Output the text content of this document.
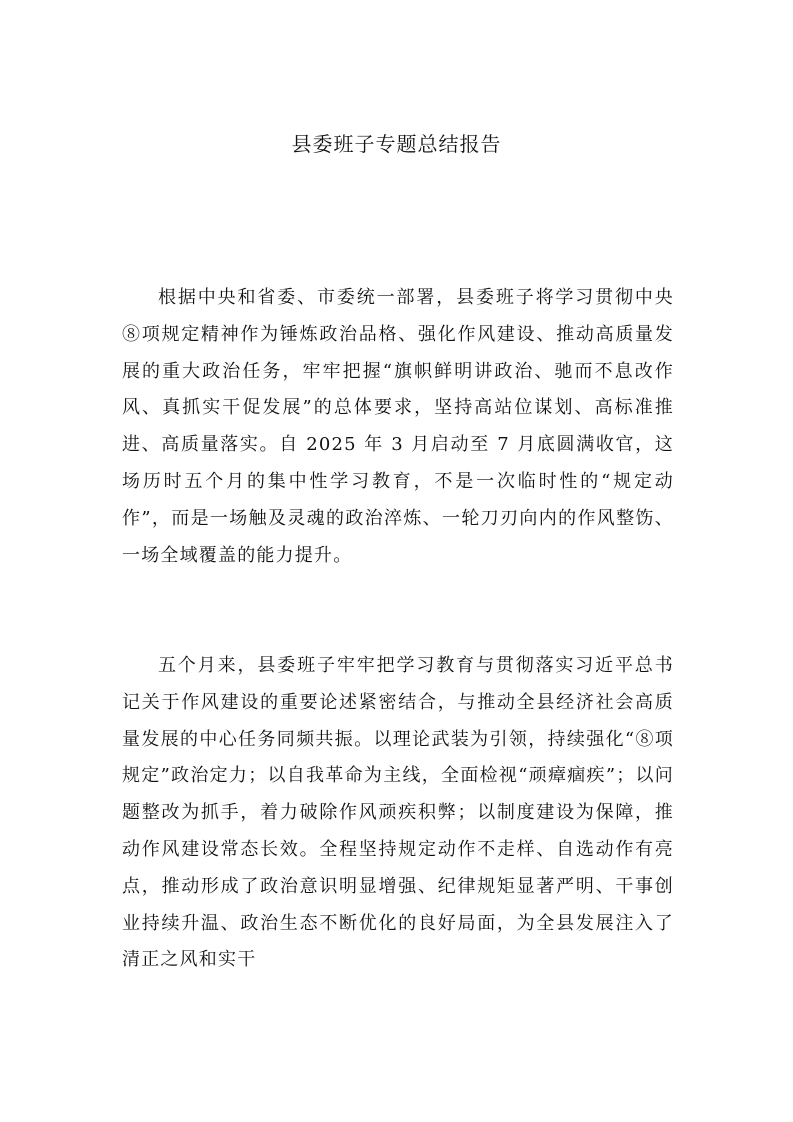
县委班子专题总结报告

根据中央和省委、市委统一部署，县委班子将学习贯彻中央⑧项规定精神作为锤炼政治品格、强化作风建设、推动高质量发展的重大政治任务，牢牢把握“旗帜鲜明讲政治、驰而不息改作风、真抓实干促发展”的总体要求，坚持高站位谋划、高标准推进、高质量落实。自 2025 年 3 月启动至 7 月底圆满收官，这场历时五个月的集中性学习教育，不是一次临时性的“规定动作”，而是一场触及灵魂的政治淬炼、一轮刀刃向内的作风整饬、一场全域覆盖的能力提升。

五个月来，县委班子牢牢把学习教育与贯彻落实习近平总书记关于作风建设的重要论述紧密结合，与推动全县经济社会高质量发展的中心任务同频共振。以理论武装为引领，持续强化“⑧项规定”政治定力；以自我革命为主线，全面检视“顽瘴痼疾”；以问题整改为抓手，着力破除作风顽疾积弊；以制度建设为保障，推动作风建设常态长效。全程坚持规定动作不走样、自选动作有亮点，推动形成了政治意识明显增强、纪律规矩显著严明、干事创业持续升温、政治生态不断优化的良好局面，为全县发展注入了清正之风和实干
